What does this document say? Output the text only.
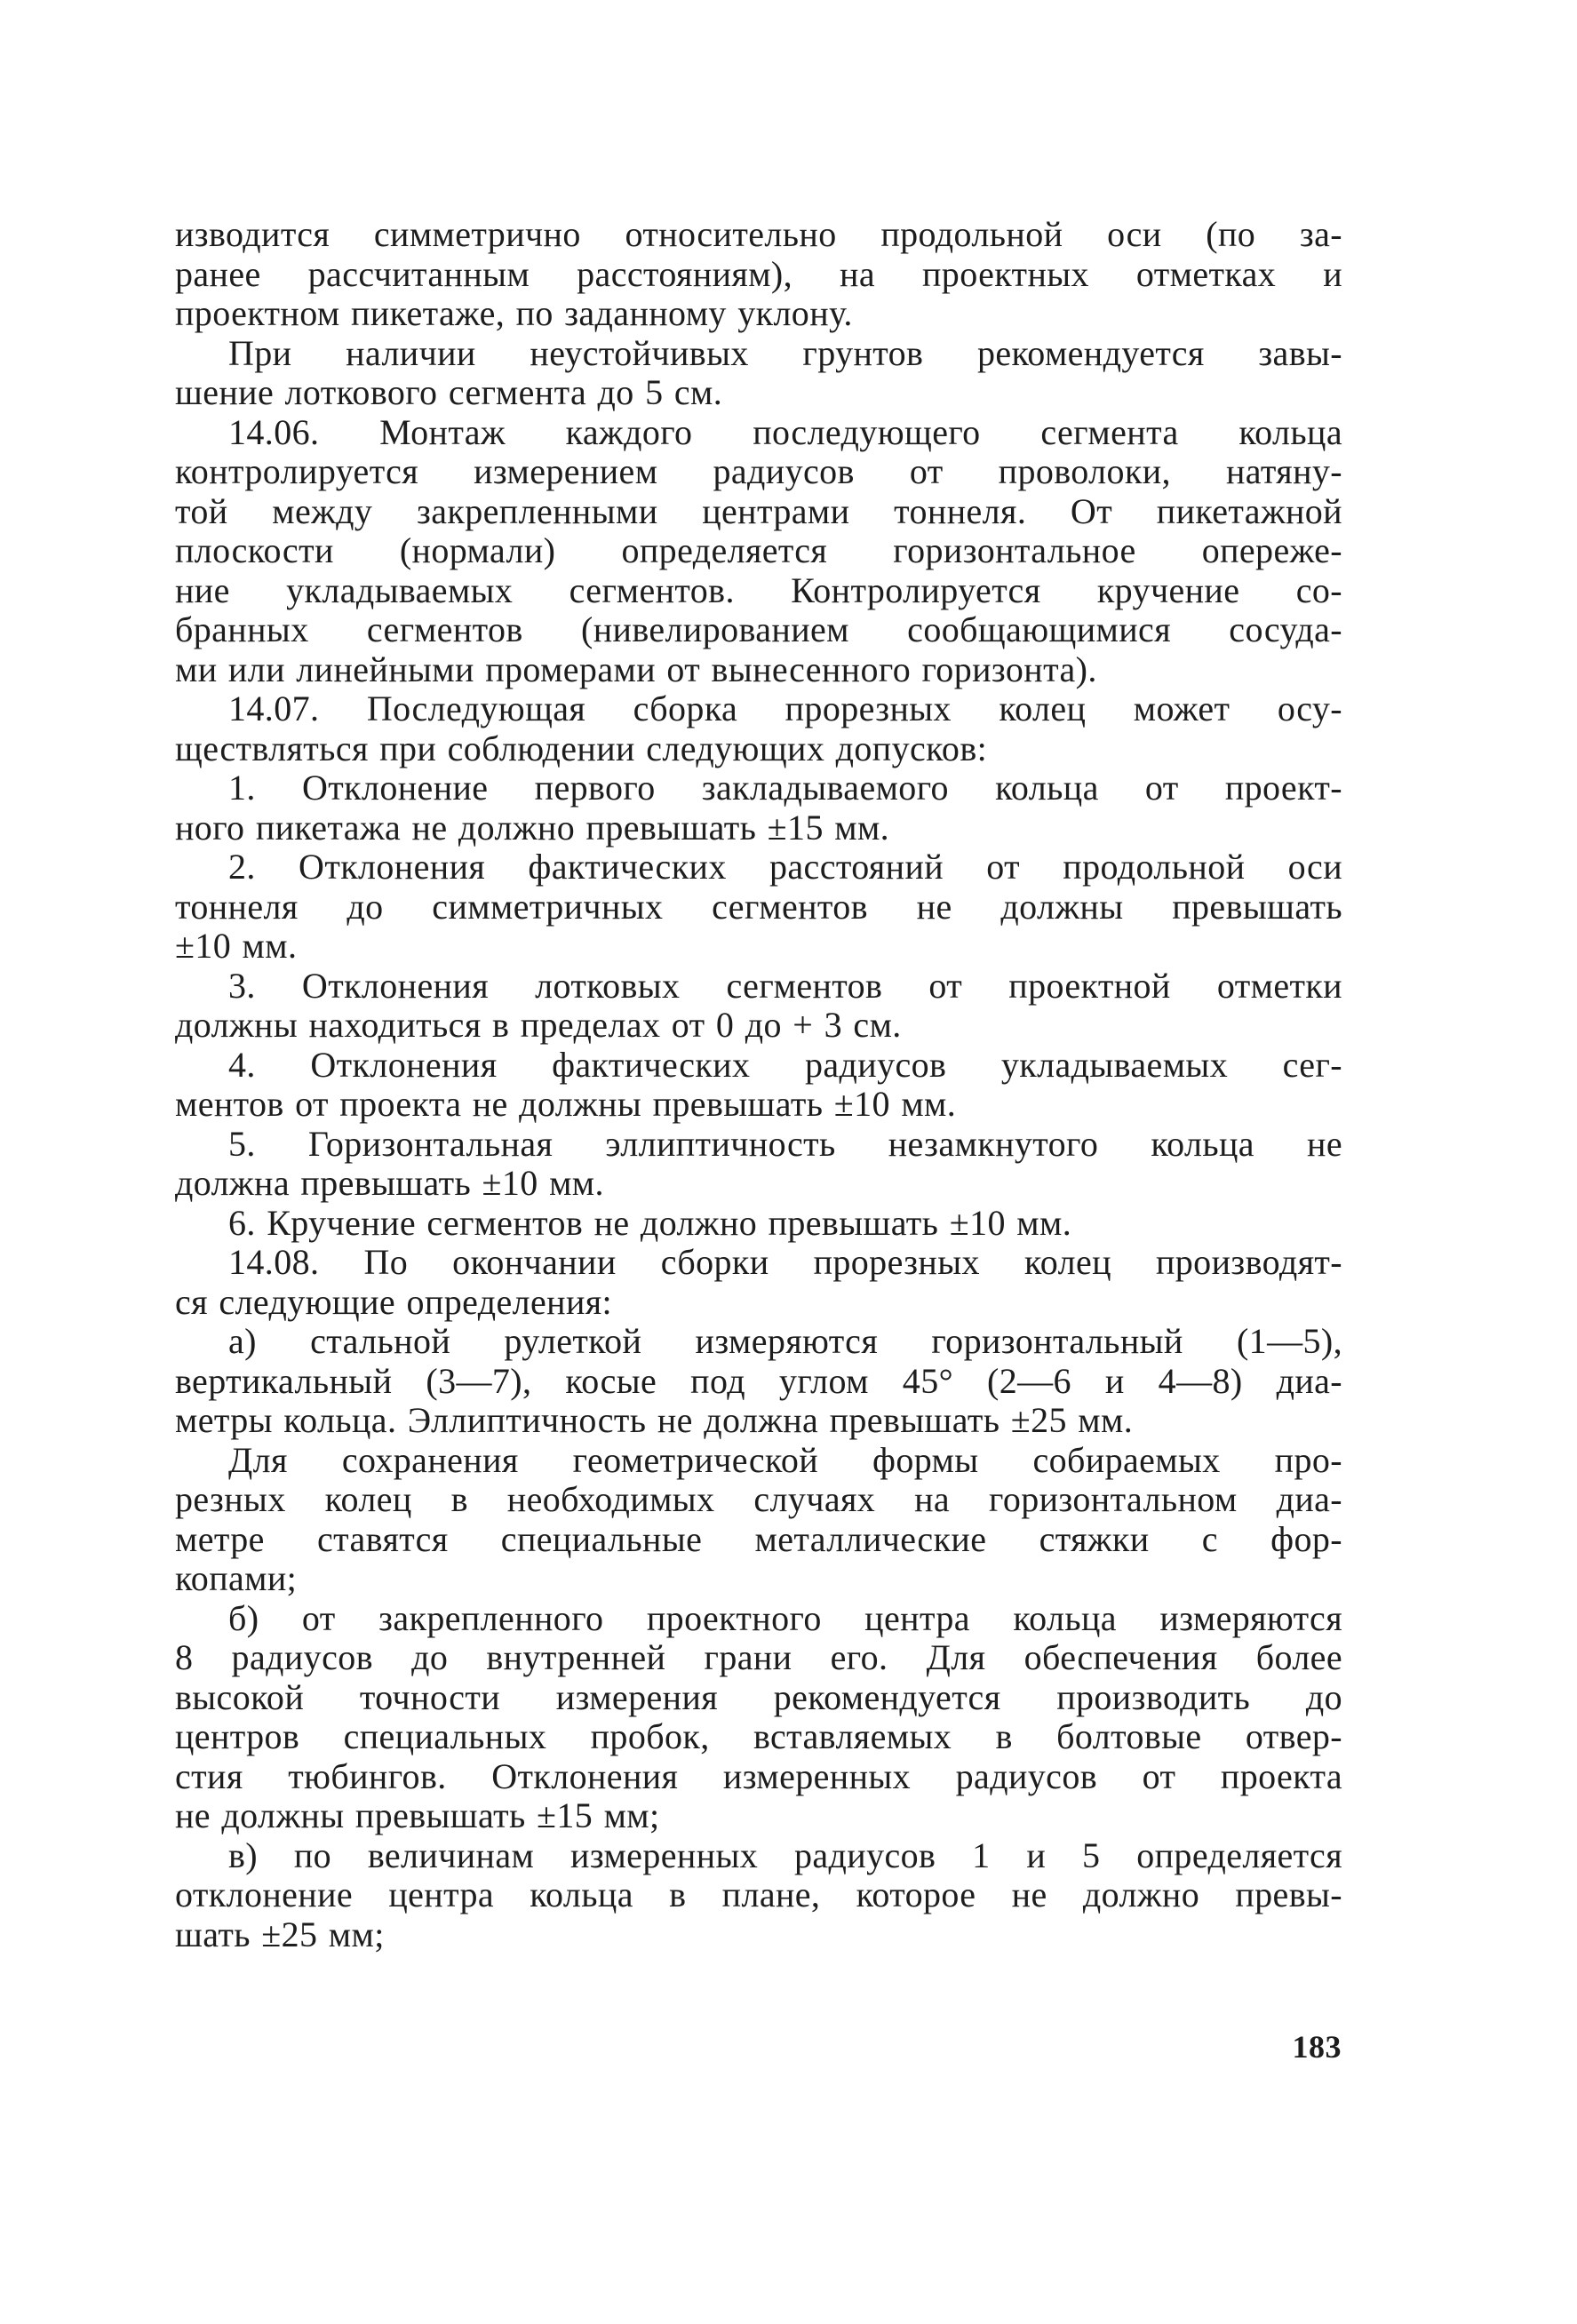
изводится симметрично относительно продольной оси (по за-
ранее рассчитанным расстояниям), на проектных отметках и
проектном пикетаже, по заданному уклону.
При наличии неустойчивых грунтов рекомендуется завы-
шение лоткового сегмента до 5 см.
14.06. Монтаж каждого последующего сегмента кольца
контролируется измерением радиусов от проволоки, натяну-
той между закрепленными центрами тоннеля. От пикетажной
плоскости (нормали) определяется горизонтальное опереже-
ние укладываемых сегментов. Контролируется кручение со-
бранных сегментов (нивелированием сообщающимися сосуда-
ми или линейными промерами от вынесенного горизонта).
14.07. Последующая сборка прорезных колец может осу-
ществляться при соблюдении следующих допусков:
1. Отклонение первого закладываемого кольца от проект-
ного пикетажа не должно превышать ±15 мм.
2. Отклонения фактических расстояний от продольной оси
тоннеля до симметричных сегментов не должны превышать
±10 мм.
3. Отклонения лотковых сегментов от проектной отметки
должны находиться в пределах от 0 до + 3 см.
4. Отклонения фактических радиусов укладываемых сег-
ментов от проекта не должны превышать ±10 мм.
5. Горизонтальная эллиптичность незамкнутого кольца не
должна превышать ±10 мм.
6. Кручение сегментов не должно превышать ±10 мм.
14.08. По окончании сборки прорезных колец производят-
ся следующие определения:
а) стальной рулеткой измеряются горизонтальный (1—5),
вертикальный (3—7), косые под углом 45° (2—6 и 4—8) диа-
метры кольца. Эллиптичность не должна превышать ±25 мм.
Для сохранения геометрической формы собираемых про-
резных колец в необходимых случаях на горизонтальном диа-
метре ставятся специальные металлические стяжки с фор-
копами;
б) от закрепленного проектного центра кольца измеряются
8 радиусов до внутренней грани его. Для обеспечения более
высокой точности измерения рекомендуется производить до
центров специальных пробок, вставляемых в болтовые отвер-
стия тюбингов. Отклонения измеренных радиусов от проекта
не должны превышать ±15 мм;
в) по величинам измеренных радиусов 1 и 5 определяется
отклонение центра кольца в плане, которое не должно превы-
шать ±25 мм;
183
